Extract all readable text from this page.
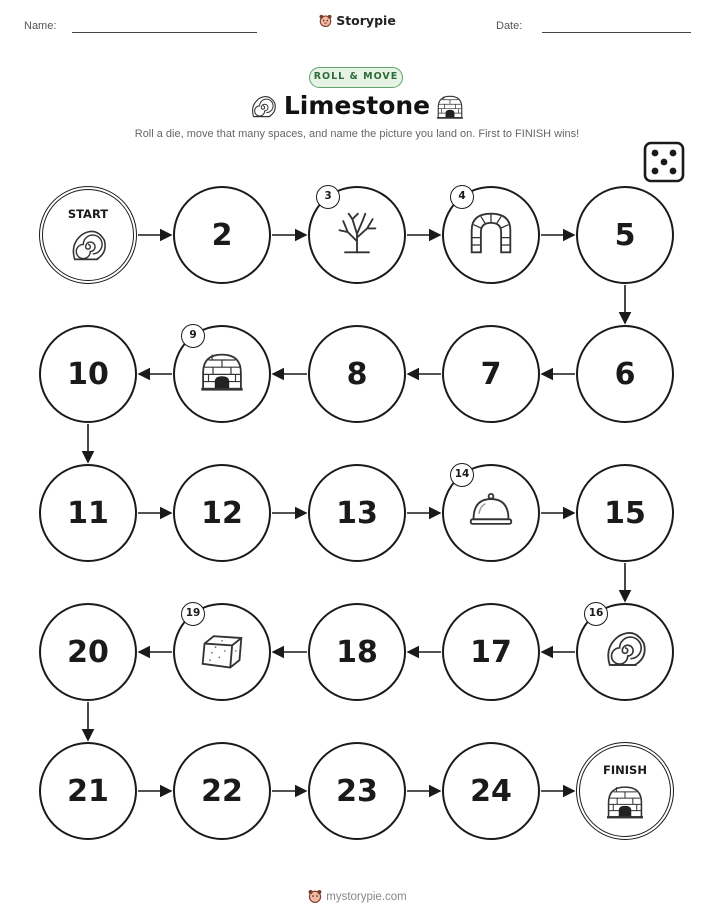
Name:	Storypie	Date:
ROLL & MOVE
Limestone
Roll a die, move that many spaces, and name the picture you land on. First to FINISH wins!
START
2	5
6
7
8
10
11	12	13	15
17
18
20
21	22	23	24
FINISH
3	4
9
14
16
19
mystorypie.com
